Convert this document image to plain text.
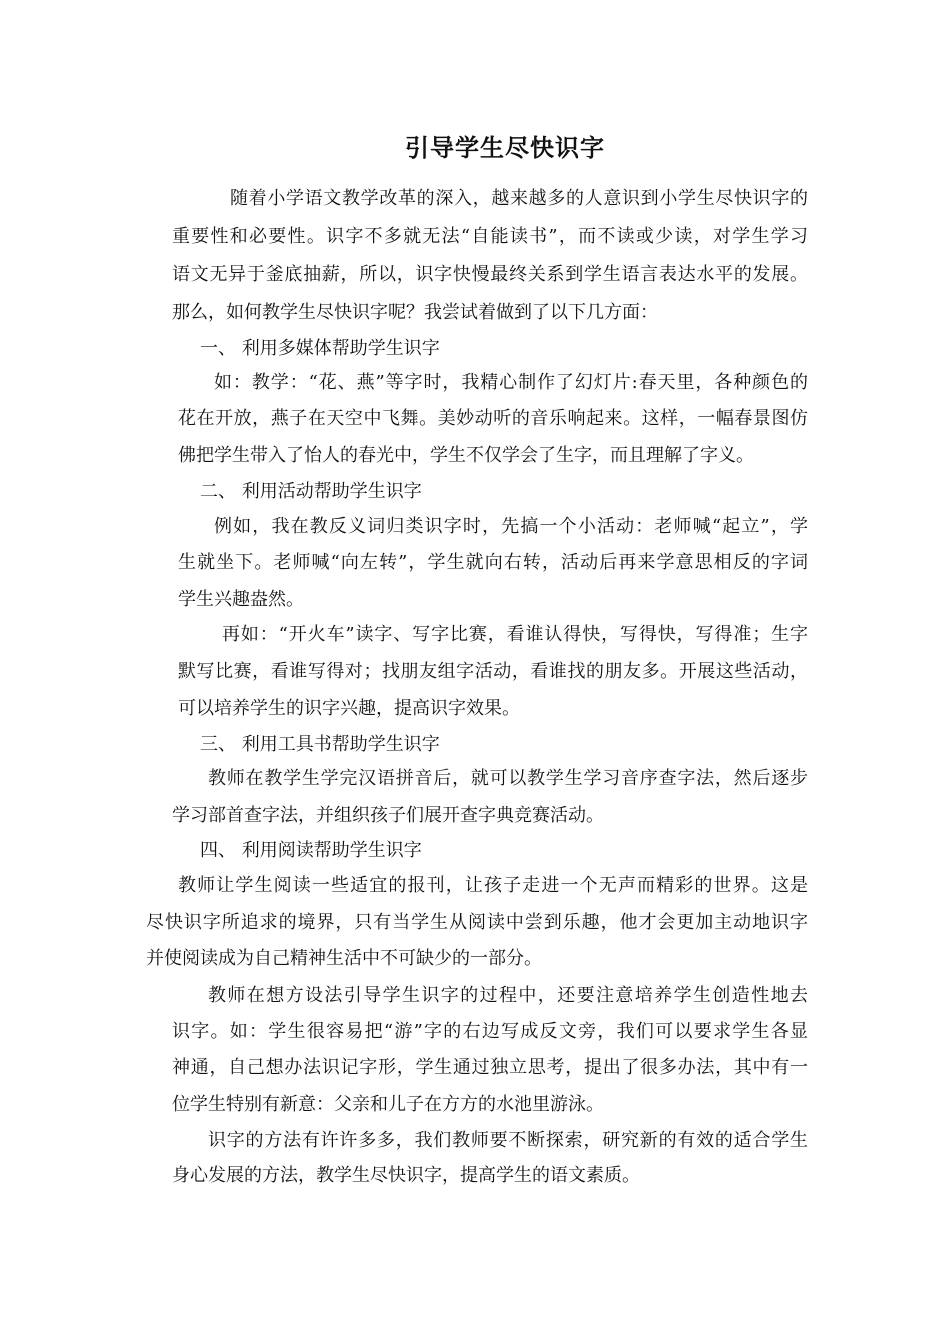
引导学生尽快识字

随着小学语文教学改革的深入，越来越多的人意识到小学生尽快识字的

重要性和必要性。识字不多就无法“自能读书”，而不读或少读，对学生学习

语文无异于釜底抽薪，所以，识字快慢最终关系到学生语言表达水平的发展。

那么，如何教学生尽快识字呢？我尝试着做到了以下几方面：

一、 利用多媒体帮助学生识字

如：教学：“花、燕”等字时，我精心制作了幻灯片:春天里，各种颜色的

花在开放，燕子在天空中飞舞。美妙动听的音乐响起来。这样，一幅春景图仿

佛把学生带入了怡人的春光中，学生不仅学会了生字，而且理解了字义。

二、 利用活动帮助学生识字

例如，我在教反义词归类识字时，先搞一个小活动：老师喊“起立”，学

生就坐下。老师喊“向左转”，学生就向右转，活动后再来学意思相反的字词

学生兴趣盎然。

再如：“开火车”读字、写字比赛，看谁认得快，写得快，写得准；生字

默写比赛，看谁写得对；找朋友组字活动，看谁找的朋友多。开展这些活动，

可以培养学生的识字兴趣，提高识字效果。

三、 利用工具书帮助学生识字

教师在教学生学完汉语拼音后，就可以教学生学习音序查字法，然后逐步

学习部首查字法，并组织孩子们展开查字典竞赛活动。

四、 利用阅读帮助学生识字

教师让学生阅读一些适宜的报刊，让孩子走进一个无声而精彩的世界。这是

尽快识字所追求的境界，只有当学生从阅读中尝到乐趣，他才会更加主动地识字

并使阅读成为自己精神生活中不可缺少的一部分。

教师在想方设法引导学生识字的过程中，还要注意培养学生创造性地去

识字。如：学生很容易把“游”字的右边写成反文旁，我们可以要求学生各显

神通，自己想办法识记字形，学生通过独立思考，提出了很多办法，其中有一

位学生特别有新意：父亲和儿子在方方的水池里游泳。

识字的方法有许许多多，我们教师要不断探索，研究新的有效的适合学生

身心发展的方法，教学生尽快识字，提高学生的语文素质。
